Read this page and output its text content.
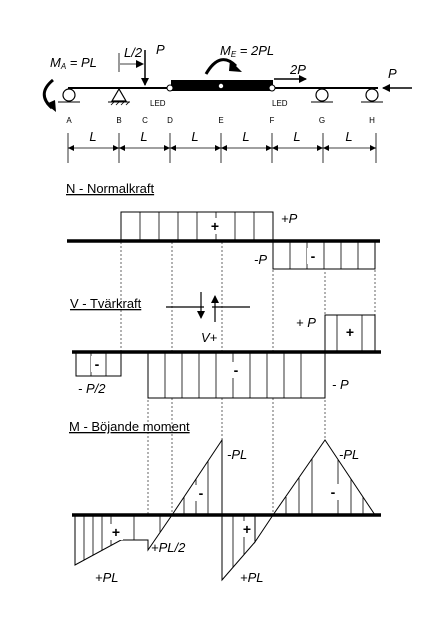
MA = PL
L/2 P	ME = 2PL
2P	P
LED	LED
A	B	C D	E	F	G	H
L	L	L	L	L	L
N - Normalkraft
+
-
+P
-P
V - Tvärkraft
V+
-	-
+
+ P
- P/2	- P
M - Böjande moment
+
-
+
-
+PL
+PL/2
-PL
+PL
-PL
